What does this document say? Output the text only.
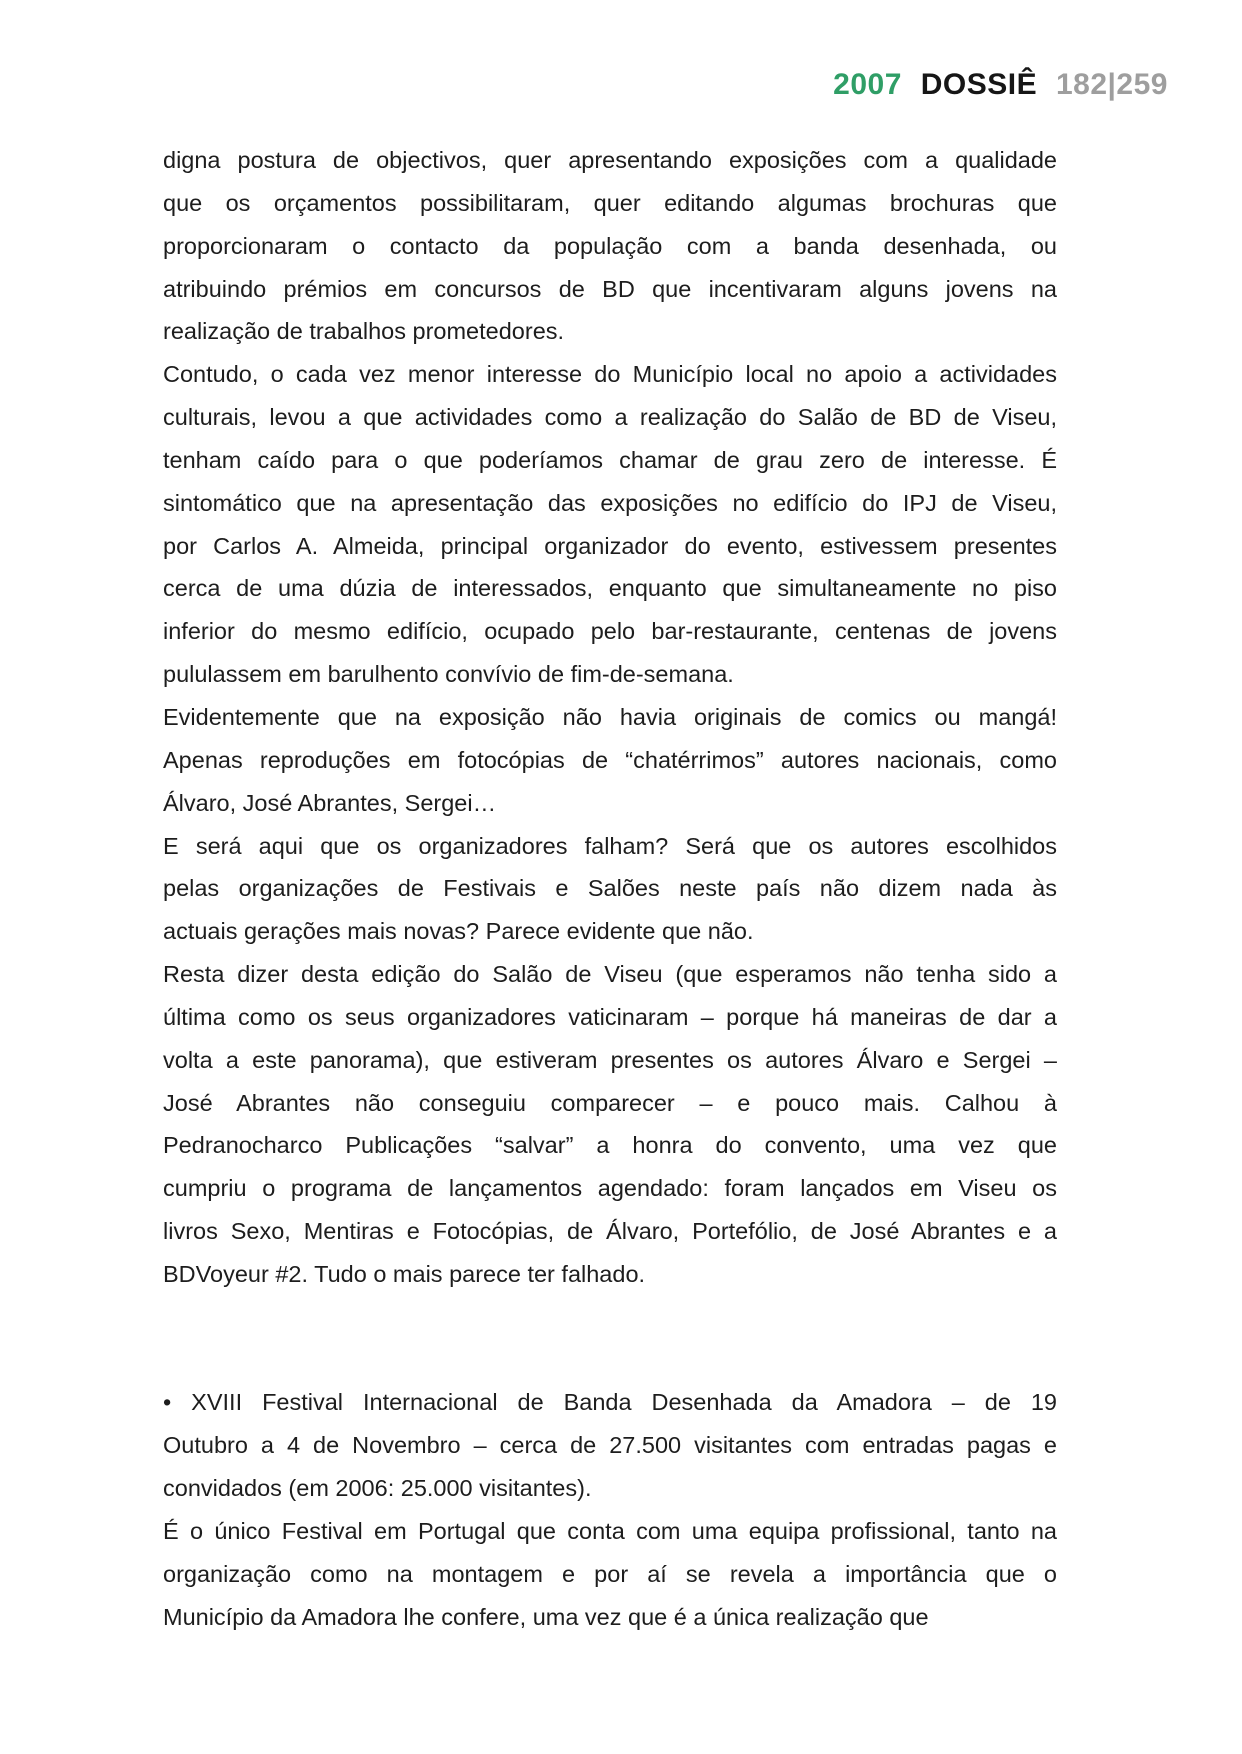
2007 DOSSIÊ 182|259

digna postura de objectivos, quer apresentando exposições com a qualidade
que os orçamentos possibilitaram, quer editando algumas brochuras que
proporcionaram o contacto da população com a banda desenhada, ou
atribuindo prémios em concursos de BD que incentivaram alguns jovens na
realização de trabalhos prometedores.

Contudo, o cada vez menor interesse do Município local no apoio a actividades
culturais, levou a que actividades como a realização do Salão de BD de Viseu,
tenham caído para o que poderíamos chamar de grau zero de interesse. É
sintomático que na apresentação das exposições no edifício do IPJ de Viseu,
por Carlos A. Almeida, principal organizador do evento, estivessem presentes
cerca de uma dúzia de interessados, enquanto que simultaneamente no piso
inferior do mesmo edifício, ocupado pelo bar-restaurante, centenas de jovens
pululassem em barulhento convívio de fim-de-semana.

Evidentemente que na exposição não havia originais de comics ou mangá!
Apenas reproduções em fotocópias de “chatérrimos” autores nacionais, como
Álvaro, José Abrantes, Sergei…

E será aqui que os organizadores falham? Será que os autores escolhidos
pelas organizações de Festivais e Salões neste país não dizem nada às
actuais gerações mais novas? Parece evidente que não.

Resta dizer desta edição do Salão de Viseu (que esperamos não tenha sido a
última como os seus organizadores vaticinaram – porque há maneiras de dar a
volta a este panorama), que estiveram presentes os autores Álvaro e Sergei –
José Abrantes não conseguiu comparecer – e pouco mais. Calhou à
Pedranocharco Publicações “salvar” a honra do convento, uma vez que
cumpriu o programa de lançamentos agendado: foram lançados em Viseu os
livros Sexo, Mentiras e Fotocópias, de Álvaro, Portefólio, de José Abrantes e a
BDVoyeur #2. Tudo o mais parece ter falhado.

• XVIII Festival Internacional de Banda Desenhada da Amadora – de 19
Outubro a 4 de Novembro – cerca de 27.500 visitantes com entradas pagas e
convidados (em 2006: 25.000 visitantes).

É o único Festival em Portugal que conta com uma equipa profissional, tanto na
organização como na montagem e por aí se revela a importância que o
Município da Amadora lhe confere, uma vez que é a única realização que
